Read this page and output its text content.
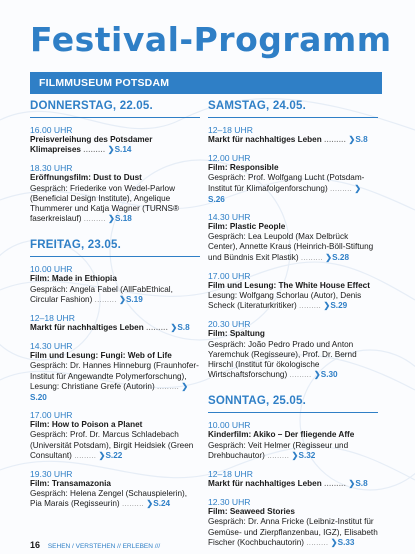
Festival-Programm
FILMMUSEUM POTSDAM
DONNERSTAG, 22.05.
16.00 UHR
Preisverleihung des Potsdamer Klimapreises ......... ❯S.14
18.30 UHR
Eröffnungsfilm: Dust to Dust
Gespräch: Friederike von Wedel-Parlow (Beneficial Design Institute), Angelique Thummerer und Katja Wagner (TURNS® faserkreislauf) ......... ❯S.18
FREITAG, 23.05.
10.00 UHR
Film: Made in Ethiopia
Gespräch: Angela Fabel (AllFabEthical, Circular Fashion) ......... ❯S.19
12–18 UHR
Markt für nachhaltiges Leben ......... ❯S.8
14.30 UHR
Film und Lesung: Fungi: Web of Life
Gespräch: Dr. Hannes Hinneburg (Fraunhofer-Institut für Angewandte Polymerforschung), Lesung: Christiane Grefe (Autorin) ......... ❯S.20
17.00 UHR
Film: How to Poison a Planet
Gespräch: Prof. Dr. Marcus Schladebach (Universität Potsdam), Birgit Heidsiek (Green Consultant) ......... ❯S.22
19.30 UHR
Film: Transamazonia
Gespräch: Helena Zengel (Schauspielerin), Pia Marais (Regisseurin) ......... ❯S.24
SAMSTAG, 24.05.
12–18 UHR
Markt für nachhaltiges Leben ......... ❯S.8
12.00 UHR
Film: Responsible
Gespräch: Prof. Wolfgang Lucht (Potsdam-Institut für Klimafolgenforschung) ......... ❯S.26
14.30 UHR
Film: Plastic People
Gespräch: Lea Leupold (Max Delbrück Center), Annette Kraus (Heinrich-Böll-Stiftung und Bündnis Exit Plastik) ......... ❯S.28
17.00 UHR
Film und Lesung: The White House Effect
Lesung: Wolfgang Schorlau (Autor), Denis Scheck (Literaturkritiker) ......... ❯S.29
20.30 UHR
Film: Spaltung
Gespräch: João Pedro Prado und Anton Yaremchuk (Regisseure), Prof. Dr. Bernd Hirschl (Institut für ökologische Wirtschaftsforschung) ......... ❯S.30
SONNTAG, 25.05.
10.00 UHR
Kinderfilm: Akiko – Der fliegende Affe
Gespräch: Veit Helmer (Regisseur und Drehbuchautor) ......... ❯S.32
12–18 UHR
Markt für nachhaltiges Leben ......... ❯S.8
12.30 UHR
Film: Seaweed Stories
Gespräch: Dr. Anna Fricke (Leibniz-Institut für Gemüse- und Zierpflanzenbau, IGZ), Elisabeth Fischer (Kochbuchautorin) ......... ❯S.33
16 SEHEN / VERSTEHEN // ERLEBEN ///
